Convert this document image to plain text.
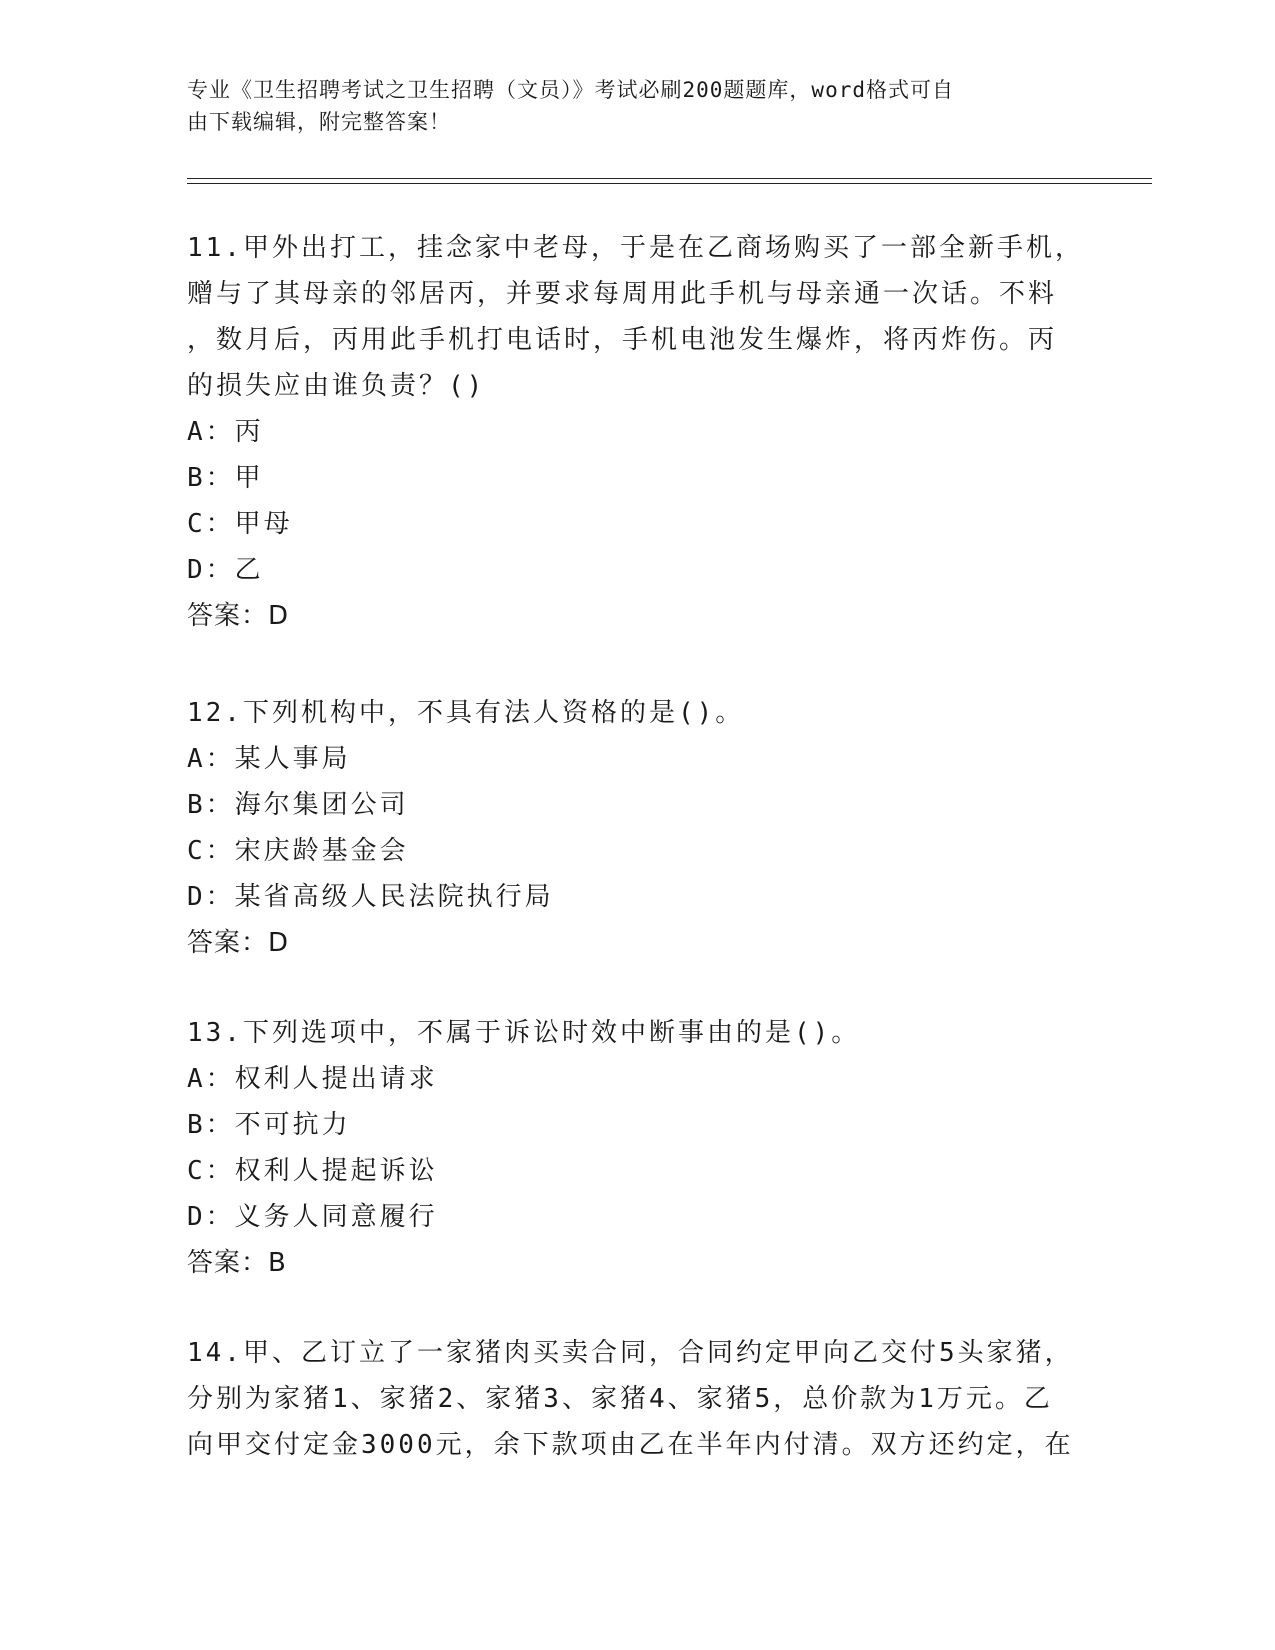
专业《卫生招聘考试之卫生招聘（文员）》考试必刷200题题库，word格式可自
由下载编辑，附完整答案！
11.甲外出打工，挂念家中老母，于是在乙商场购买了一部全新手机，
赠与了其母亲的邻居丙，并要求每周用此手机与母亲通一次话。不料
，数月后，丙用此手机打电话时，手机电池发生爆炸，将丙炸伤。丙
的损失应由谁负责？()
A：丙
B：甲
C：甲母
D：乙
答案：D
12.下列机构中，不具有法人资格的是()。
A：某人事局
B：海尔集团公司
C：宋庆龄基金会
D：某省高级人民法院执行局
答案：D
13.下列选项中，不属于诉讼时效中断事由的是()。
A：权利人提出请求
B：不可抗力
C：权利人提起诉讼
D：义务人同意履行
答案：B
14.甲、乙订立了一家猪肉买卖合同，合同约定甲向乙交付5头家猪，
分别为家猪1、家猪2、家猪3、家猪4、家猪5，总价款为1万元。乙
向甲交付定金3000元，余下款项由乙在半年内付清。双方还约定，在
